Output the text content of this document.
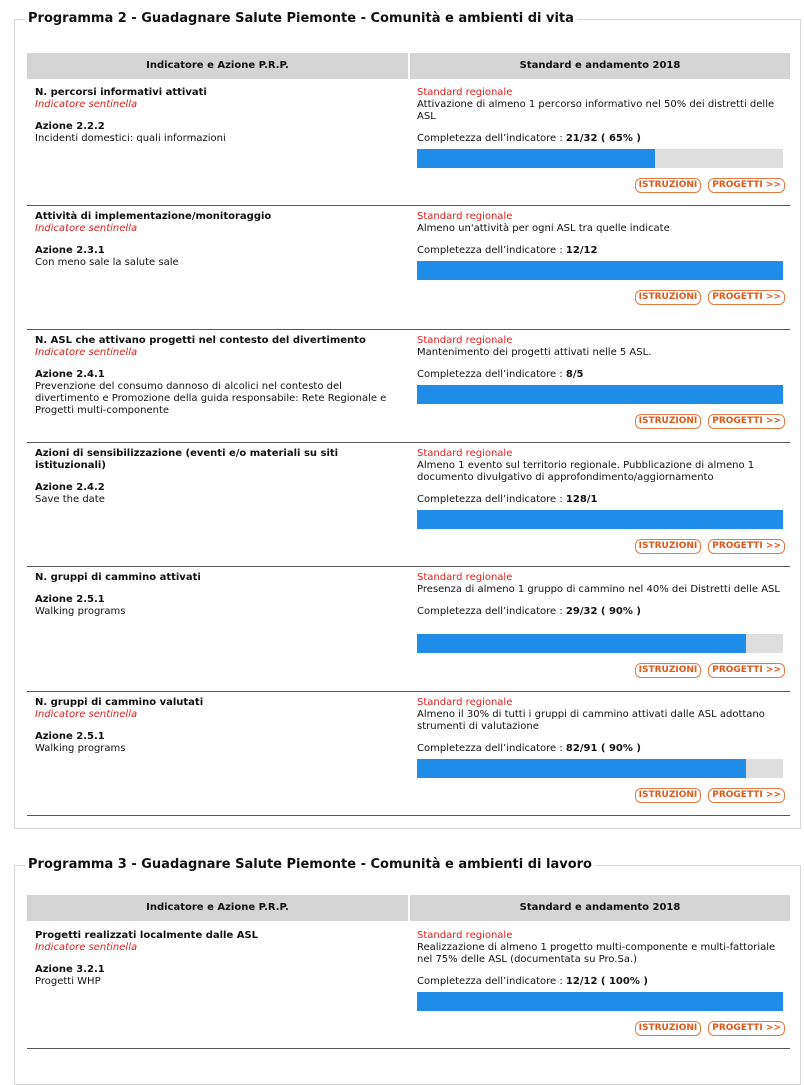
Programma 2 - Guadagnare Salute Piemonte - Comunità e ambienti di vita
Indicatore e Azione P.R.P.	Standard e andamento 2018
N. percorsi informativi attivati
Indicatore sentinella
Azione 2.2.2
Incidenti domestici: quali informazioni
Standard regionale
Attivazione di almeno 1 percorso informativo nel 50% dei distretti delle ASL
Completezza dell’indicatore : 21/32 ( 65% )
ISTRUZIONI PROGETTI >>
Attività di implementazione/monitoraggio
Indicatore sentinella
Azione 2.3.1
Con meno sale la salute sale
Standard regionale
Almeno un'attività per ogni ASL tra quelle indicate
Completezza dell’indicatore : 12/12
ISTRUZIONI PROGETTI >>
N. ASL che attivano progetti nel contesto del divertimento
Indicatore sentinella
Azione 2.4.1
Prevenzione del consumo dannoso di alcolici nel contesto del divertimento e Promozione della guida responsabile: Rete Regionale e Progetti multi-componente
Standard regionale
Mantenimento dei progetti attivati nelle 5 ASL.
Completezza dell’indicatore : 8/5
ISTRUZIONI PROGETTI >>
Azioni di sensibilizzazione (eventi e/o materiali su siti istituzionali)
Azione 2.4.2
Save the date
Standard regionale
Almeno 1 evento sul territorio regionale. Pubblicazione di almeno 1 documento divulgativo di approfondimento/aggiornamento
Completezza dell’indicatore : 128/1
ISTRUZIONI PROGETTI >>
N. gruppi di cammino attivati
Azione 2.5.1
Walking programs
Standard regionale
Presenza di almeno 1 gruppo di cammino nel 40% dei Distretti delle ASL
Completezza dell’indicatore : 29/32 ( 90% )
ISTRUZIONI PROGETTI >>
N. gruppi di cammino valutati
Indicatore sentinella
Azione 2.5.1
Walking programs
Standard regionale
Almeno il 30% di tutti i gruppi di cammino attivati dalle ASL adottano strumenti di valutazione
Completezza dell’indicatore : 82/91 ( 90% )
ISTRUZIONI PROGETTI >>
Programma 3 - Guadagnare Salute Piemonte - Comunità e ambienti di lavoro
Indicatore e Azione P.R.P.	Standard e andamento 2018
Progetti realizzati localmente dalle ASL
Indicatore sentinella
Azione 3.2.1
Progetti WHP
Standard regionale
Realizzazione di almeno 1 progetto multi-componente e multi-fattoriale nel 75% delle ASL (documentata su Pro.Sa.)
Completezza dell’indicatore : 12/12 ( 100% )
ISTRUZIONI PROGETTI >>
